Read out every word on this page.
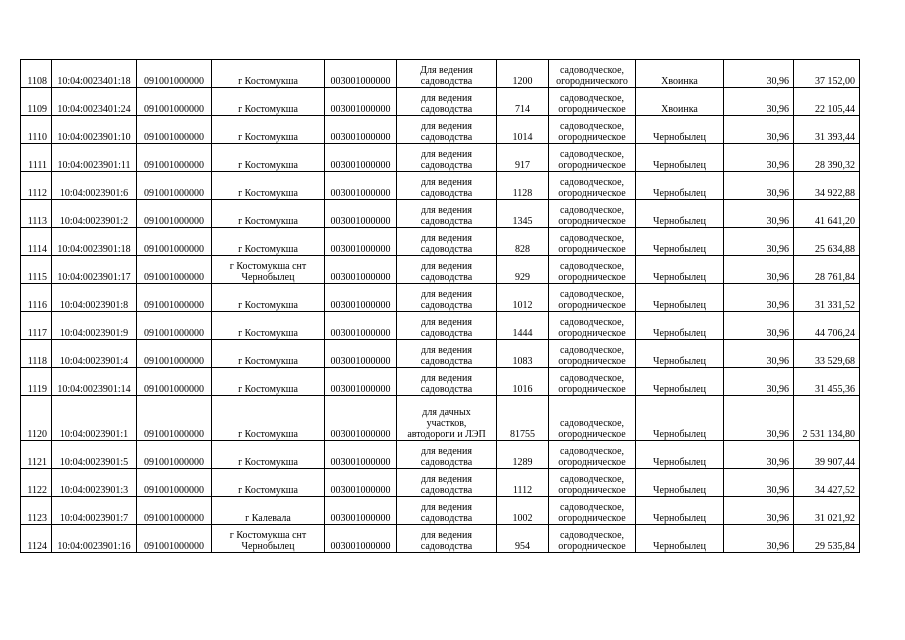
1108	10:04:0023401:18	091001000000	г Костомукша	003001000000	Для ведения
садоводства	1200	садоводческое,
огороднического	Хвоинка	30,96	37 152,00
1109	10:04:0023401:24	091001000000	г Костомукша	003001000000	для ведения
садоводства	714	садоводческое,
огородническое	Хвоинка	30,96	22 105,44
1110	10:04:0023901:10	091001000000	г Костомукша	003001000000	для ведения
садоводства	1014	садоводческое,
огородническое	Чернобылец	30,96	31 393,44
1111	10:04:0023901:11	091001000000	г Костомукша	003001000000	для ведения
садоводства	917	садоводческое,
огородническое	Чернобылец	30,96	28 390,32
1112	10:04:0023901:6	091001000000	г Костомукша	003001000000	для ведения
садоводства	1128	садоводческое,
огородническое	Чернобылец	30,96	34 922,88
1113	10:04:0023901:2	091001000000	г Костомукша	003001000000	для ведения
садоводства	1345	садоводческое,
огородническое	Чернобылец	30,96	41 641,20
1114	10:04:0023901:18	091001000000	г Костомукша	003001000000	для ведения
садоводства	828	садоводческое,
огородническое	Чернобылец	30,96	25 634,88
1115	10:04:0023901:17	091001000000	г Костомукша снт
Чернобылец	003001000000	для ведения
садоводства	929	садоводческое,
огородническое	Чернобылец	30,96	28 761,84
1116	10:04:0023901:8	091001000000	г Костомукша	003001000000	для ведения
садоводства	1012	садоводческое,
огородническое	Чернобылец	30,96	31 331,52
1117	10:04:0023901:9	091001000000	г Костомукша	003001000000	для ведения
садоводства	1444	садоводческое,
огородническое	Чернобылец	30,96	44 706,24
1118	10:04:0023901:4	091001000000	г Костомукша	003001000000	для ведения
садоводства	1083	садоводческое,
огородническое	Чернобылец	30,96	33 529,68
1119	10:04:0023901:14	091001000000	г Костомукша	003001000000	для ведения
садоводства	1016	садоводческое,
огородническое	Чернобылец	30,96	31 455,36
1120	10:04:0023901:1	091001000000	г Костомукша	003001000000	для дачных
участков,
автодороги и ЛЭП	81755	садоводческое,
огородническое	Чернобылец	30,96	2 531 134,80
1121	10:04:0023901:5	091001000000	г Костомукша	003001000000	для ведения
садоводства	1289	садоводческое,
огородническое	Чернобылец	30,96	39 907,44
1122	10:04:0023901:3	091001000000	г Костомукша	003001000000	для ведения
садоводства	1112	садоводческое,
огородническое	Чернобылец	30,96	34 427,52
1123	10:04:0023901:7	091001000000	г Калевала	003001000000	для ведения
садоводства	1002	садоводческое,
огородническое	Чернобылец	30,96	31 021,92
1124	10:04:0023901:16	091001000000	г Костомукша снт
Чернобылец	003001000000	для ведения
садоводства	954	садоводческое,
огородническое	Чернобылец	30,96	29 535,84
